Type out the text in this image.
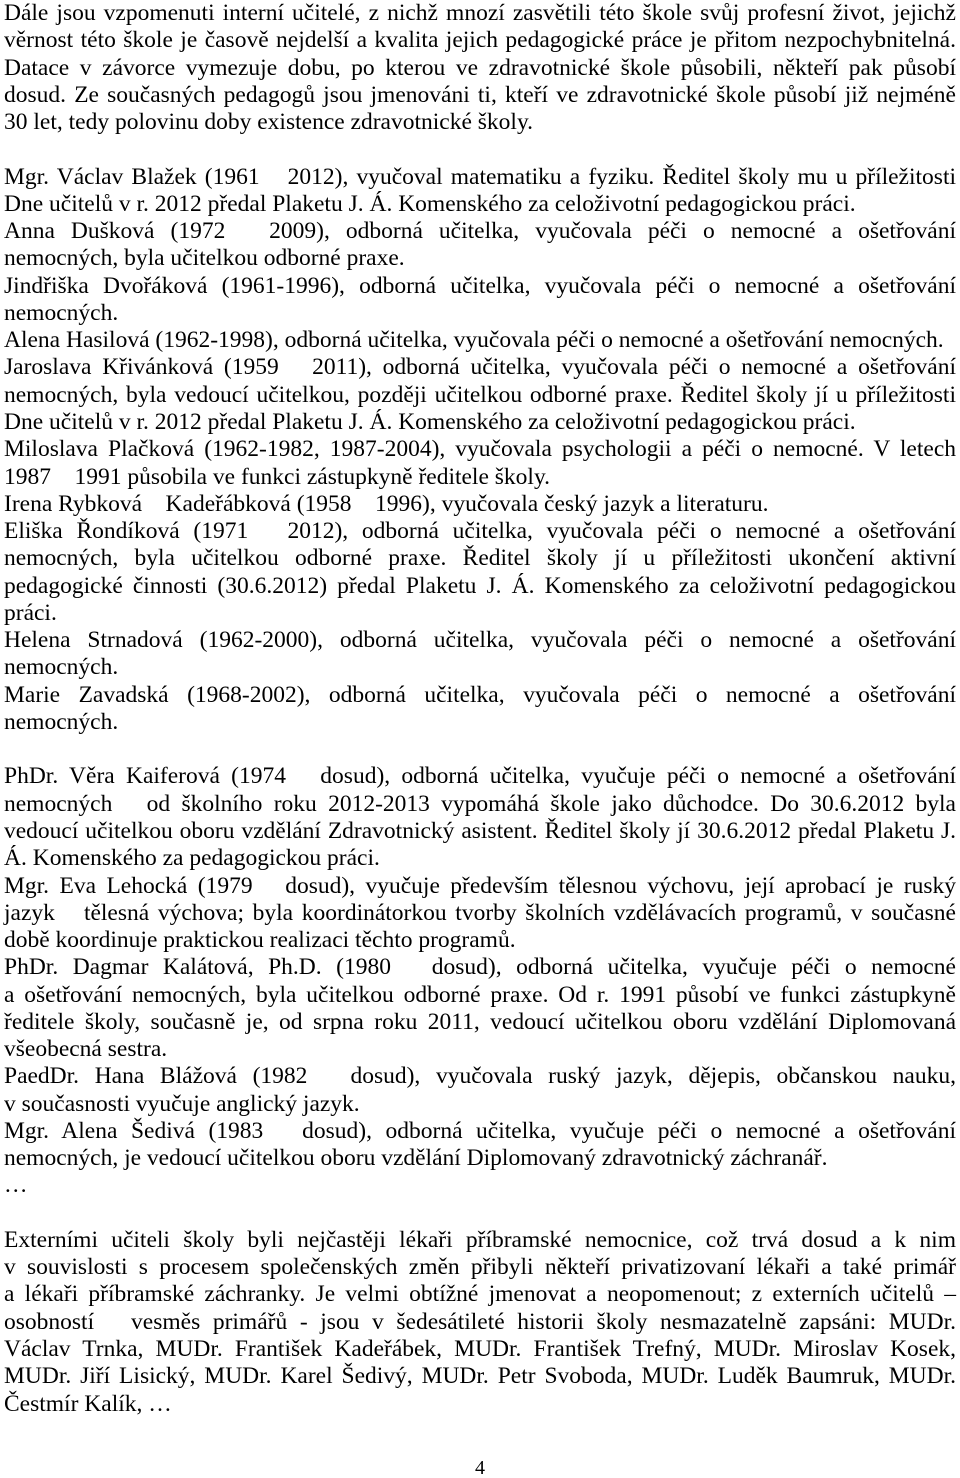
Dále jsou vzpomenuti interní učitelé, z nichž mnozí zasvětili této škole svůj profesní život, jejichž
věrnost této škole je časově nejdelší a kvalita jejich pedagogické práce je přitom nezpochybnitelná.
Datace v závorce vymezuje dobu, po kterou ve zdravotnické škole působili, někteří pak působí
dosud. Ze současných pedagogů jsou jmenováni ti, kteří ve zdravotnické škole působí již nejméně
30 let, tedy polovinu doby existence zdravotnické školy.
Mgr. Václav Blažek (1961   2012), vyučoval matematiku a fyziku. Ředitel školy mu u příležitosti
Dne učitelů v r. 2012 předal Plaketu J. Á. Komenského za celoživotní pedagogickou práci.
Anna Dušková (1972   2009), odborná učitelka, vyučovala péči o nemocné a ošetřování
nemocných, byla učitelkou odborné praxe.
Jindřiška Dvořáková (1961-1996), odborná učitelka, vyučovala péči o nemocné a ošetřování
nemocných.
Alena Hasilová (1962-1998), odborná učitelka, vyučovala péči o nemocné a ošetřování nemocných.
Jaroslava Křivánková (1959   2011), odborná učitelka, vyučovala péči o nemocné a ošetřování
nemocných, byla vedoucí učitelkou, později učitelkou odborné praxe. Ředitel školy jí u příležitosti
Dne učitelů v r. 2012 předal Plaketu J. Á. Komenského za celoživotní pedagogickou práci.
Miloslava Plačková (1962-1982, 1987-2004), vyučovala psychologii a péči o nemocné. V letech
1987   1991 působila ve funkci zástupkyně ředitele školy.
Irena Rybková   Kadeřábková (1958   1996), vyučovala český jazyk a literaturu.
Eliška Řondíková (1971   2012), odborná učitelka, vyučovala péči o nemocné a ošetřování
nemocných, byla učitelkou odborné praxe. Ředitel školy jí u příležitosti ukončení aktivní
pedagogické činnosti (30.6.2012) předal Plaketu J. Á. Komenského za celoživotní pedagogickou
práci.
Helena Strnadová (1962-2000), odborná učitelka, vyučovala péči o nemocné a ošetřování
nemocných.
Marie Zavadská (1968-2002), odborná učitelka, vyučovala péči o nemocné a ošetřování
nemocných.
PhDr. Věra Kaiferová (1974   dosud), odborná učitelka, vyučuje péči o nemocné a ošetřování
nemocných   od školního roku 2012-2013 vypomáhá škole jako důchodce. Do 30.6.2012 byla
vedoucí učitelkou oboru vzdělání Zdravotnický asistent. Ředitel školy jí 30.6.2012 předal Plaketu J.
Á. Komenského za pedagogickou práci.
Mgr. Eva Lehocká (1979   dosud), vyučuje především tělesnou výchovu, její aprobací je ruský
jazyk   tělesná výchova; byla koordinátorkou tvorby školních vzdělávacích programů, v současné
době koordinuje praktickou realizaci těchto programů.
PhDr. Dagmar Kalátová, Ph.D. (1980   dosud), odborná učitelka, vyučuje péči o nemocné
a ošetřování nemocných, byla učitelkou odborné praxe. Od r. 1991 působí ve funkci zástupkyně
ředitele školy, současně je, od srpna roku 2011, vedoucí učitelkou oboru vzdělání Diplomovaná
všeobecná sestra.
PaedDr. Hana Blážová (1982   dosud), vyučovala ruský jazyk, dějepis, občanskou nauku,
v současnosti vyučuje anglický jazyk.
Mgr. Alena Šedivá (1983   dosud), odborná učitelka, vyučuje péči o nemocné a ošetřování
nemocných, je vedoucí učitelkou oboru vzdělání Diplomovaný zdravotnický záchranář.
…
Externími učiteli školy byli nejčastěji lékaři příbramské nemocnice, což trvá dosud a k nim
v souvislosti s procesem společenských změn přibyli někteří privatizovaní lékaři a také primář
a lékaři příbramské záchranky. Je velmi obtížné jmenovat a neopomenout; z externích učitelů –
osobností   vesměs primářů - jsou v šedesátileté historii školy nesmazatelně zapsáni: MUDr.
Václav Trnka, MUDr. František Kadeřábek, MUDr. František Trefný, MUDr. Miroslav Kosek,
MUDr. Jiří Lisický, MUDr. Karel Šedivý, MUDr. Petr Svoboda, MUDr. Luděk Baumruk, MUDr.
Čestmír Kalík, …
4
